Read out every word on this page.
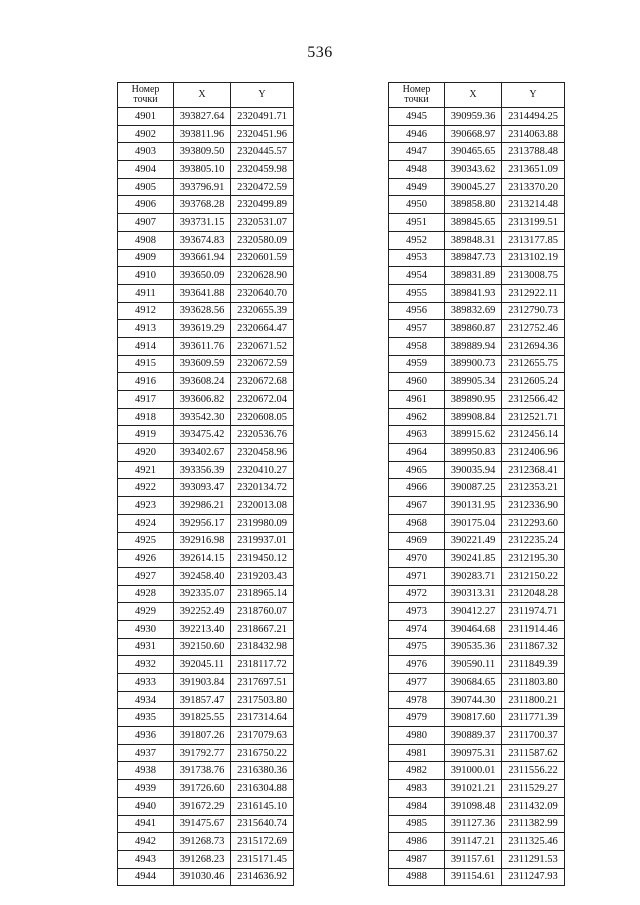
536
Номер
точки	X	Y
4901	393827.64	2320491.71
4902	393811.96	2320451.96
4903	393809.50	2320445.57
4904	393805.10	2320459.98
4905	393796.91	2320472.59
4906	393768.28	2320499.89
4907	393731.15	2320531.07
4908	393674.83	2320580.09
4909	393661.94	2320601.59
4910	393650.09	2320628.90
4911	393641.88	2320640.70
4912	393628.56	2320655.39
4913	393619.29	2320664.47
4914	393611.76	2320671.52
4915	393609.59	2320672.59
4916	393608.24	2320672.68
4917	393606.82	2320672.04
4918	393542.30	2320608.05
4919	393475.42	2320536.76
4920	393402.67	2320458.96
4921	393356.39	2320410.27
4922	393093.47	2320134.72
4923	392986.21	2320013.08
4924	392956.17	2319980.09
4925	392916.98	2319937.01
4926	392614.15	2319450.12
4927	392458.40	2319203.43
4928	392335.07	2318965.14
4929	392252.49	2318760.07
4930	392213.40	2318667.21
4931	392150.60	2318432.98
4932	392045.11	2318117.72
4933	391903.84	2317697.51
4934	391857.47	2317503.80
4935	391825.55	2317314.64
4936	391807.26	2317079.63
4937	391792.77	2316750.22
4938	391738.76	2316380.36
4939	391726.60	2316304.88
4940	391672.29	2316145.10
4941	391475.67	2315640.74
4942	391268.73	2315172.69
4943	391268.23	2315171.45
4944	391030.46	2314636.92
Номер
точки	X	Y
4945	390959.36	2314494.25
4946	390668.97	2314063.88
4947	390465.65	2313788.48
4948	390343.62	2313651.09
4949	390045.27	2313370.20
4950	389858.80	2313214.48
4951	389845.65	2313199.51
4952	389848.31	2313177.85
4953	389847.73	2313102.19
4954	389831.89	2313008.75
4955	389841.93	2312922.11
4956	389832.69	2312790.73
4957	389860.87	2312752.46
4958	389889.94	2312694.36
4959	389900.73	2312655.75
4960	389905.34	2312605.24
4961	389890.95	2312566.42
4962	389908.84	2312521.71
4963	389915.62	2312456.14
4964	389950.83	2312406.96
4965	390035.94	2312368.41
4966	390087.25	2312353.21
4967	390131.95	2312336.90
4968	390175.04	2312293.60
4969	390221.49	2312235.24
4970	390241.85	2312195.30
4971	390283.71	2312150.22
4972	390313.31	2312048.28
4973	390412.27	2311974.71
4974	390464.68	2311914.46
4975	390535.36	2311867.32
4976	390590.11	2311849.39
4977	390684.65	2311803.80
4978	390744.30	2311800.21
4979	390817.60	2311771.39
4980	390889.37	2311700.37
4981	390975.31	2311587.62
4982	391000.01	2311556.22
4983	391021.21	2311529.27
4984	391098.48	2311432.09
4985	391127.36	2311382.99
4986	391147.21	2311325.46
4987	391157.61	2311291.53
4988	391154.61	2311247.93
